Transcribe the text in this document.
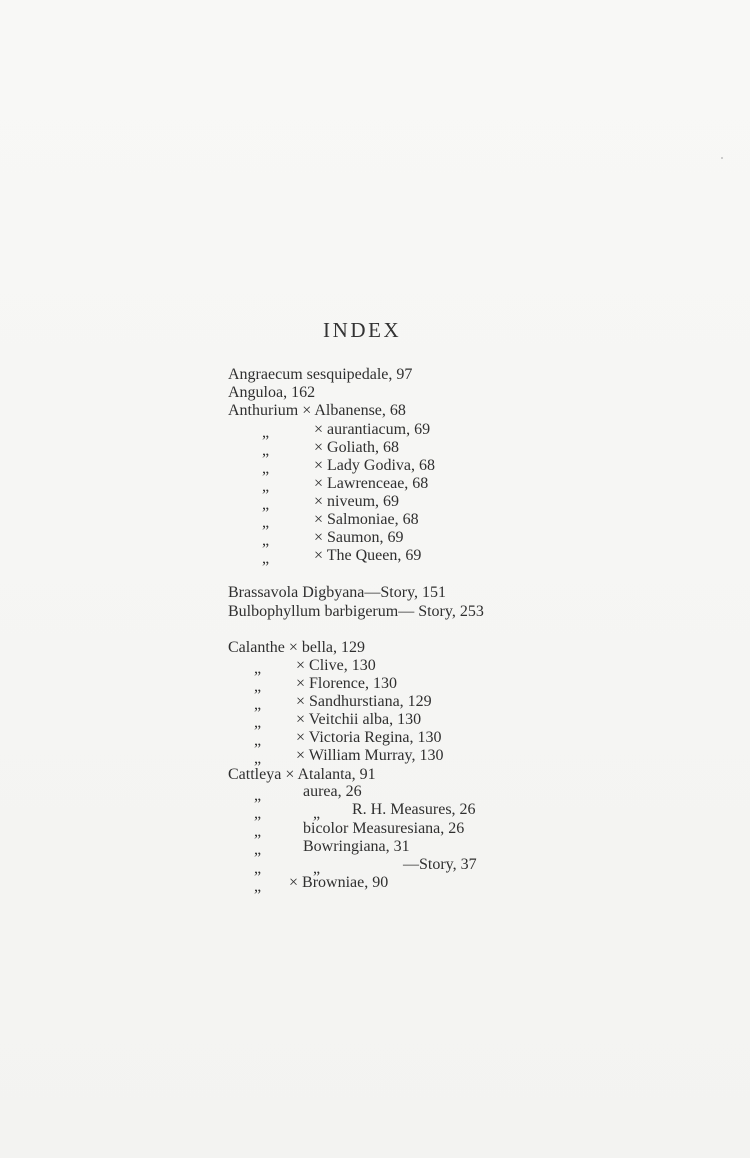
INDEX
Angraecum sesquipedale, 97
Anguloa, 162
Anthurium × Albanense, 68
„	× aurantiacum, 69
„	× Goliath, 68
„	× Lady Godiva, 68
„	× Lawrenceae, 68
„	× niveum, 69
„	× Salmoniae, 68
„	× Saumon, 69
„	× The Queen, 69
Brassavola Digbyana—Story, 151
Bulbophyllum barbigerum— Story, 253
Calanthe × bella, 129
„ × Clive, 130
„ × Florence, 130
„ × Sandhurstiana, 129
„ × Veitchii alba, 130
„ × Victoria Regina, 130
„ × William Murray, 130
Cattleya × Atalanta, 91
„	aurea, 26
„	„ R. H. Measures, 26
„	bicolor Measuresiana, 26
„	Bowringiana, 31
„	„	—Story, 37
„ × Browniae, 90
